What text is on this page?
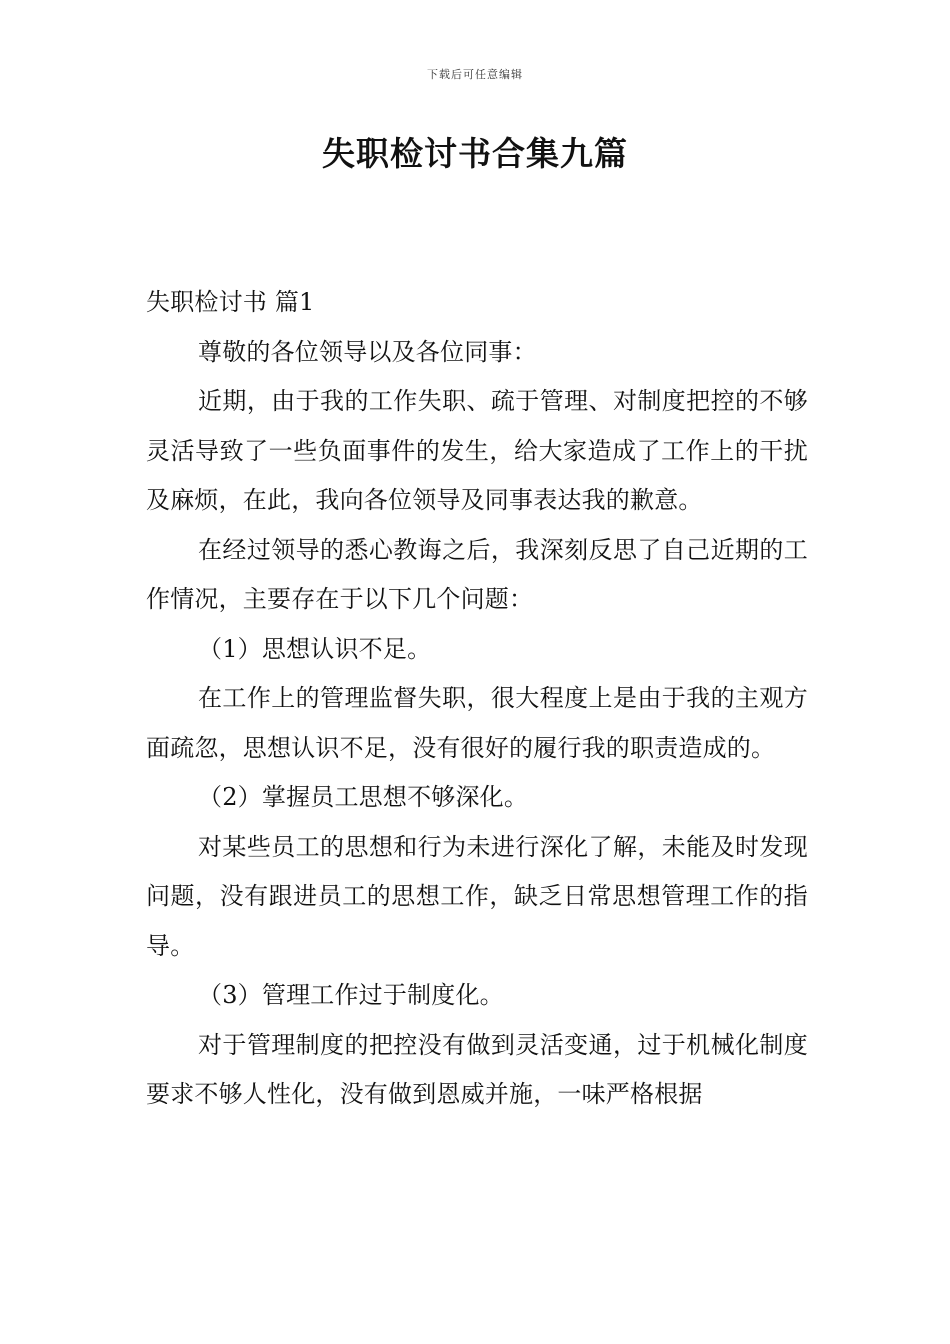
下载后可任意编辑
失职检讨书合集九篇

失职检讨书 篇1

尊敬的各位领导以及各位同事：

近期，由于我的工作失职、疏于管理、对制度把控的不够灵活导致了一些负面事件的发生，给大家造成了工作上的干扰及麻烦，在此，我向各位领导及同事表达我的歉意。

在经过领导的悉心教诲之后，我深刻反思了自己近期的工作情况，主要存在于以下几个问题：

（1）思想认识不足。

在工作上的管理监督失职，很大程度上是由于我的主观方面疏忽，思想认识不足，没有很好的履行我的职责造成的。

（2）掌握员工思想不够深化。

对某些员工的思想和行为未进行深化了解，未能及时发现问题，没有跟进员工的思想工作，缺乏日常思想管理工作的指导。

（3）管理工作过于制度化。

对于管理制度的把控没有做到灵活变通，过于机械化制度要求不够人性化，没有做到恩威并施，一味严格根据
